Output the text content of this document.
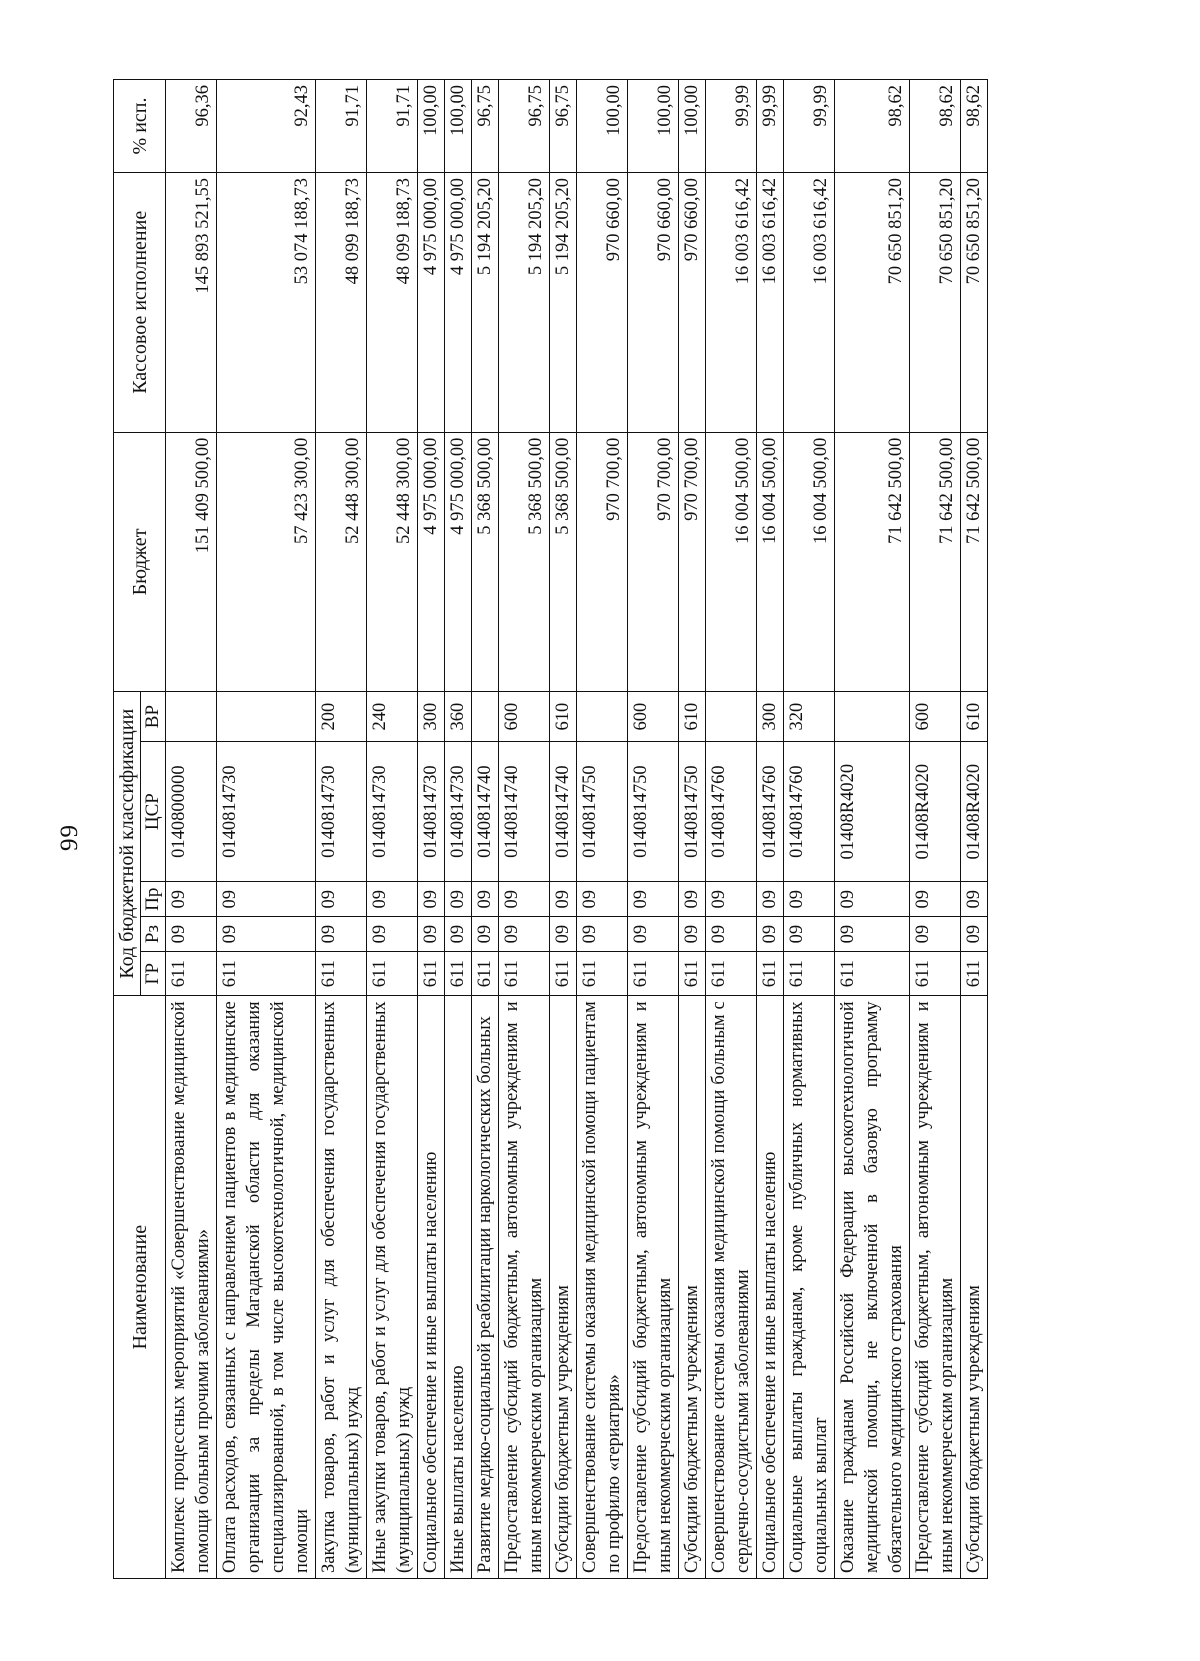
99
Наименование	Код бюджетной классификации					Бюджет	Кассовое исполнение	% исп.
	ГР	Рз	Пр	ЦСР	ВР			
Комплекс процессных мероприятий «Совершенствование медицинской помощи больным прочими заболеваниями»	611	09	09	0140800000		151 409 500,00	145 893 521,55	96,36
Оплата расходов, связанных с направлением пациентов в медицинские организации за пределы Магаданской области для оказания специализированной, в том числе высокотехнологичной, медицинской помощи	611	09	09	0140814730		57 423 300,00	53 074 188,73	92,43
Закупка товаров, работ и услуг для обеспечения государственных (муниципальных) нужд	611	09	09	0140814730	200	52 448 300,00	48 099 188,73	91,71
Иные закупки товаров, работ и услуг для обеспечения государственных (муниципальных) нужд	611	09	09	0140814730	240	52 448 300,00	48 099 188,73	91,71
Социальное обеспечение и иные выплаты населению	611	09	09	0140814730	300	4 975 000,00	4 975 000,00	100,00
Иные выплаты населению	611	09	09	0140814730	360	4 975 000,00	4 975 000,00	100,00
Развитие медико-социальной реабилитации наркологических больных	611	09	09	0140814740		5 368 500,00	5 194 205,20	96,75
Предоставление субсидий бюджетным, автономным учреждениям и иным некоммерческим организациям	611	09	09	0140814740	600	5 368 500,00	5 194 205,20	96,75
Субсидии бюджетным учреждениям	611	09	09	0140814740	610	5 368 500,00	5 194 205,20	96,75
Совершенствование системы оказания медицинской помощи пациентам по профилю «гериатрия»	611	09	09	0140814750		970 700,00	970 660,00	100,00
Предоставление субсидий бюджетным, автономным учреждениям и иным некоммерческим организациям	611	09	09	0140814750	600	970 700,00	970 660,00	100,00
Субсидии бюджетным учреждениям	611	09	09	0140814750	610	970 700,00	970 660,00	100,00
Совершенствование системы оказания медицинской помощи больным с сердечно-сосудистыми заболеваниями	611	09	09	0140814760		16 004 500,00	16 003 616,42	99,99
Социальное обеспечение и иные выплаты населению	611	09	09	0140814760	300	16 004 500,00	16 003 616,42	99,99
Социальные выплаты гражданам, кроме публичных нормативных социальных выплат	611	09	09	0140814760	320	16 004 500,00	16 003 616,42	99,99
Оказание гражданам Российской Федерации высокотехнологичной медицинской помощи, не включенной в базовую программу обязательного медицинского страхования	611	09	09	01408R4020		71 642 500,00	70 650 851,20	98,62
Предоставление субсидий бюджетным, автономным учреждениям и иным некоммерческим организациям	611	09	09	01408R4020	600	71 642 500,00	70 650 851,20	98,62
Субсидии бюджетным учреждениям	611	09	09	01408R4020	610	71 642 500,00	70 650 851,20	98,62
